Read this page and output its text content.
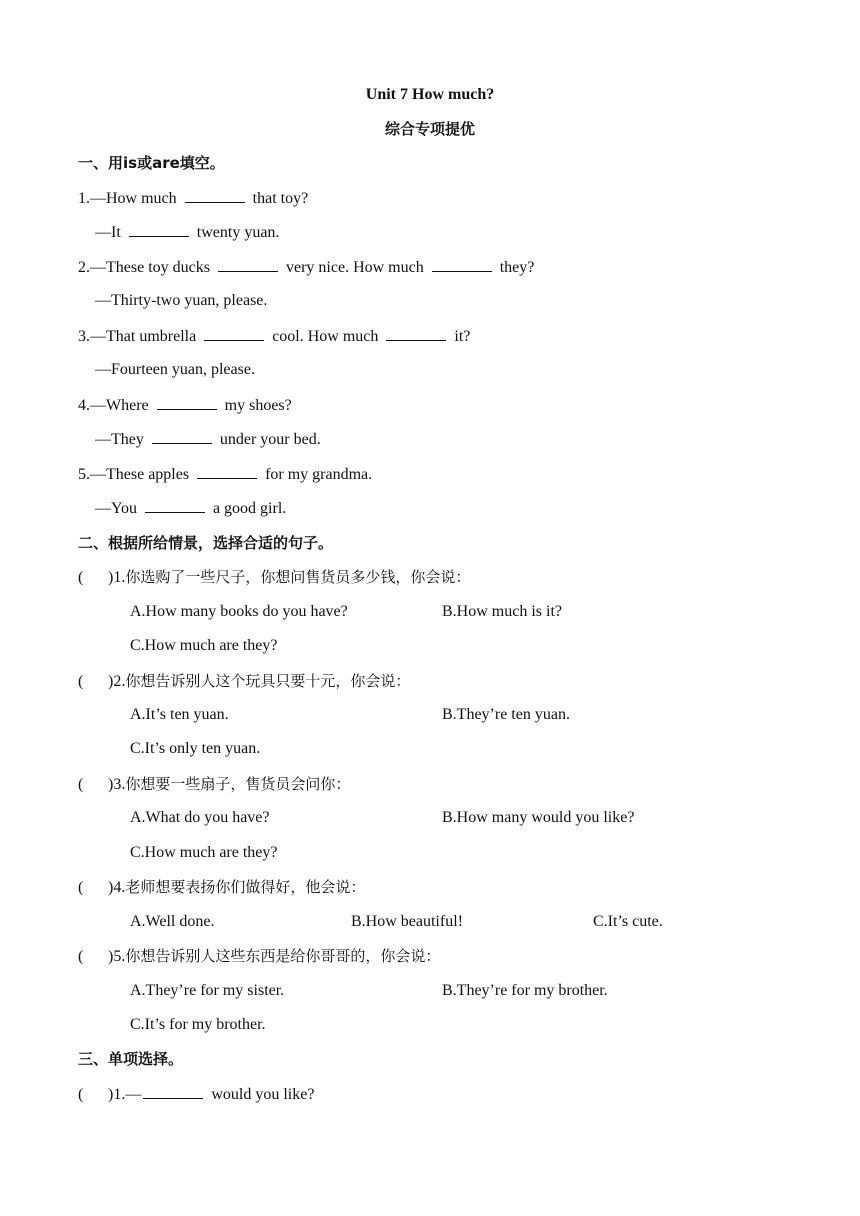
Unit 7 How much?
综合专项提优
一、用is或are填空。
1.—How much	that toy?
—It	twenty yuan.
2.—These toy ducks	very nice. How much	they?
—Thirty-two yuan, please.
3.—That umbrella	cool. How much	it?
—Fourteen yuan, please.
4.—Where	my shoes?
—They	under your bed.
5.—These apples	for my grandma.
—You	a good girl.
二、根据所给情景，选择合适的句子。
( )1.你选购了一些尺子，你想问售货员多少钱，你会说：
A.How many books do you have?	B.How much is it?
C.How much are they?
( )2.你想告诉别人这个玩具只要十元，你会说：
A.It’s ten yuan.	B.They’re ten yuan.
C.It’s only ten yuan.
( )3.你想要一些扇子，售货员会问你：
A.What do you have?	B.How many would you like?
C.How much are they?
( )4.老师想要表扬你们做得好，他会说：
A.Well done.	B.How beautiful!	C.It’s cute.
( )5.你想告诉别人这些东西是给你哥哥的，你会说：
A.They’re for my sister.	B.They’re for my brother.
C.It’s for my brother.
三、单项选择。
( )1.—	would you like?
